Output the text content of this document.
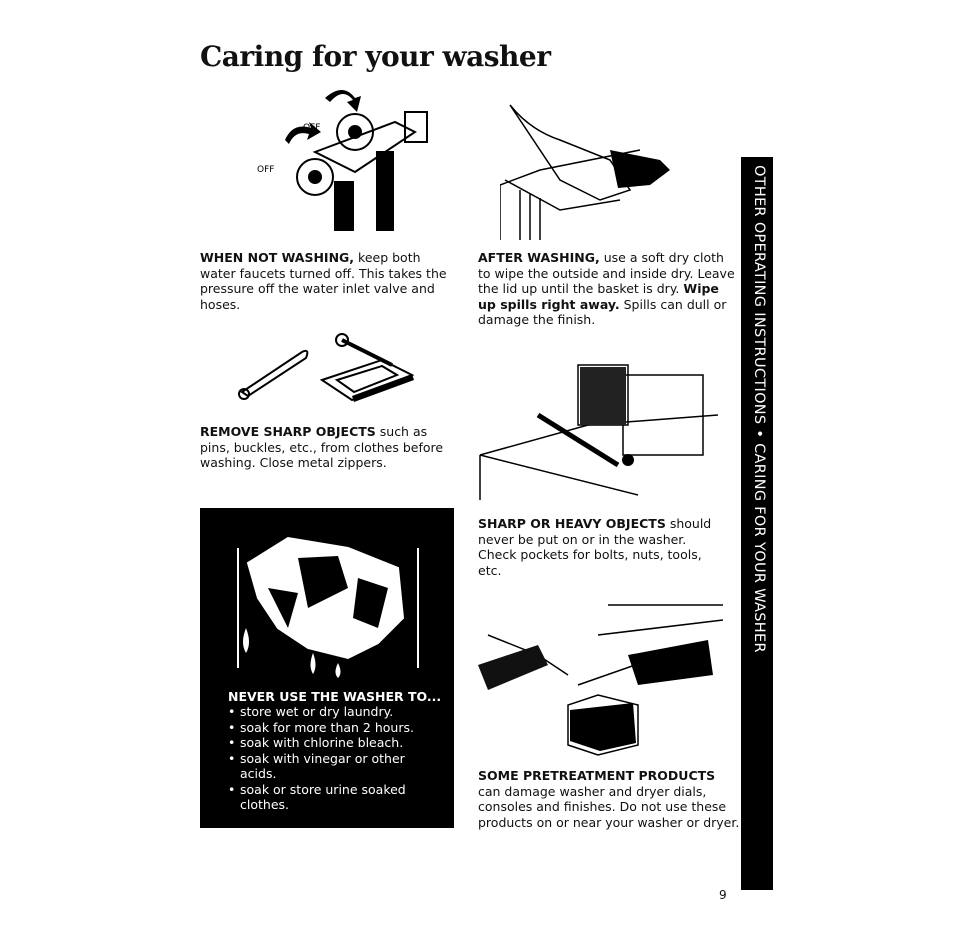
Caring for your washer
OFF
OFF

WHEN NOT WASHING, keep both water faucets turned off. This takes the pressure off the water inlet valve and hoses.

REMOVE SHARP OBJECTS such as pins, buckles, etc., from clothes before washing. Close metal zippers.

AFTER WASHING, use a soft dry cloth to wipe the outside and inside dry. Leave the lid up until the basket is dry. Wipe up spills right away. Spills can dull or damage the finish.

SHARP OR HEAVY OBJECTS should never be put on or in the washer. Check pockets for bolts, nuts, tools, etc.

SOME PRETREATMENT PRODUCTS
can damage washer and dryer dials, consoles and finishes. Do not use these products on or near your washer or dryer.

NEVER USE THE WASHER TO...
• store wet or dry laundry.
• soak for more than 2 hours.
• soak with chlorine bleach.
• soak with vinegar or other acids.
• soak or store urine soaked clothes.
OTHER OPERATING INSTRUCTIONS • CARING FOR YOUR WASHER
9
